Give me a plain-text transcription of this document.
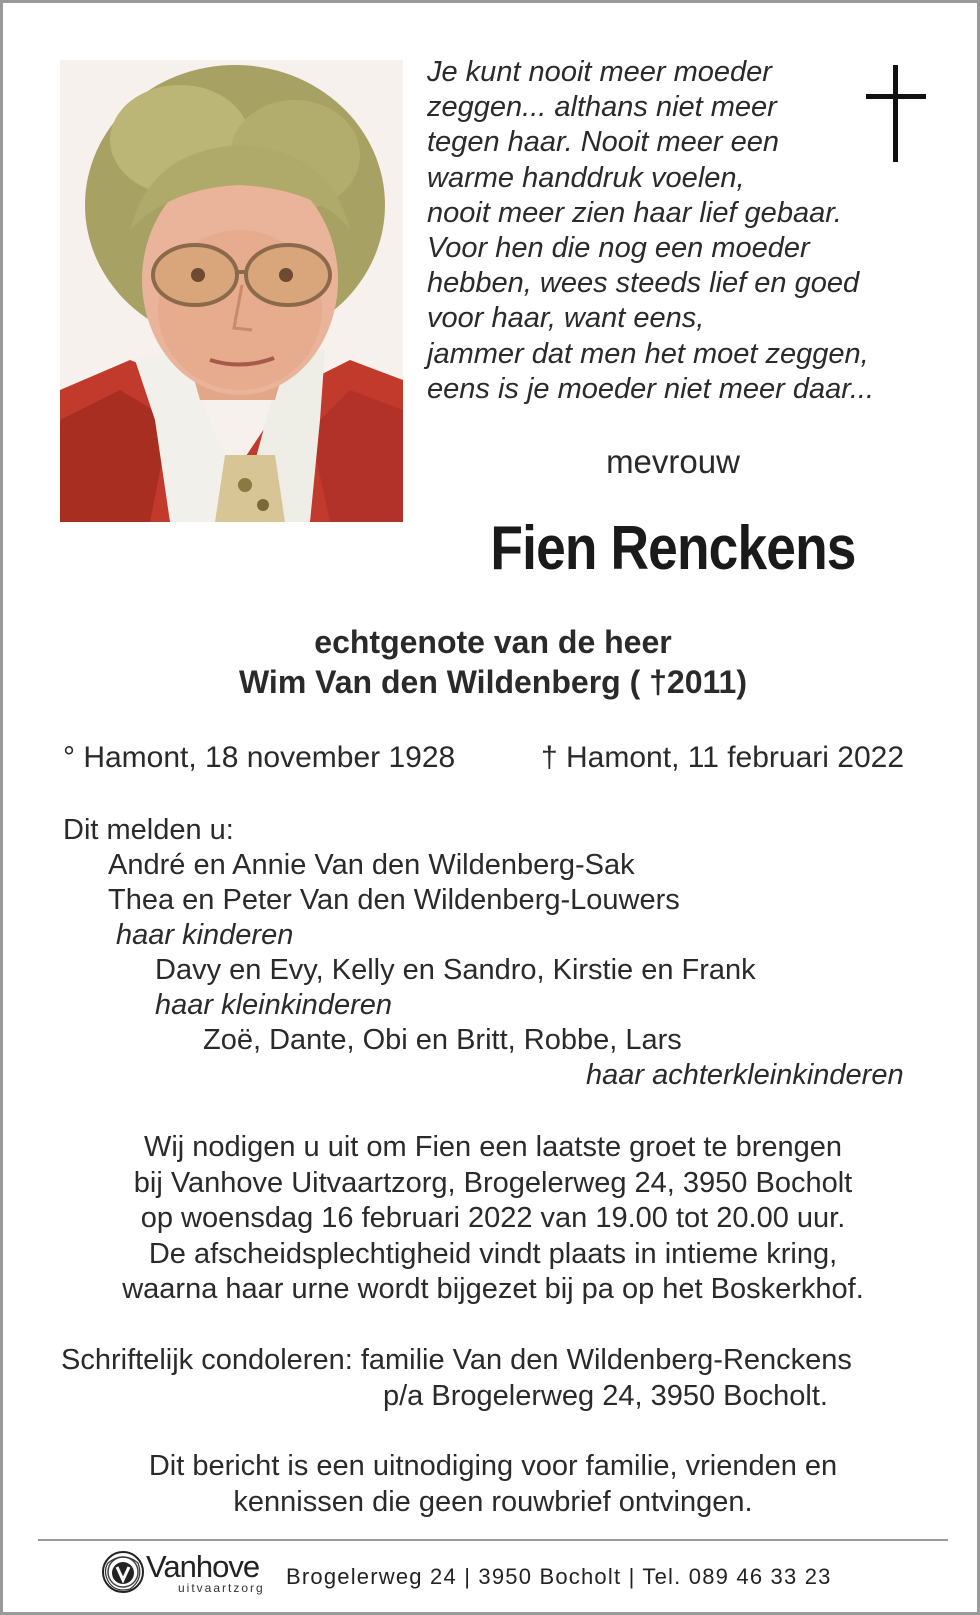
Je kunt nooit meer moeder
zeggen... althans niet meer
tegen haar. Nooit meer een
warme handdruk voelen,
nooit meer zien haar lief gebaar.
Voor hen die nog een moeder
hebben, wees steeds lief en goed
voor haar, want eens,
jammer dat men het moet zeggen,
eens is je moeder niet meer daar...
mevrouw
Fien Renckens
echtgenote van de heer
Wim Van den Wildenberg ( †2011)
° Hamont, 18 november 1928	† Hamont, 11 februari 2022
Dit melden u:
André en Annie Van den Wildenberg-Sak
Thea en Peter Van den Wildenberg-Louwers
haar kinderen
Davy en Evy, Kelly en Sandro, Kirstie en Frank
haar kleinkinderen
Zoë, Dante, Obi en Britt, Robbe, Lars
haar achterkleinkinderen
Wij nodigen u uit om Fien een laatste groet te brengen
bij Vanhove Uitvaartzorg, Brogelerweg 24, 3950 Bocholt
op woensdag 16 februari 2022 van 19.00 tot 20.00 uur.
De afscheidsplechtigheid vindt plaats in intieme kring,
waarna haar urne wordt bijgezet bij pa op het Boskerkhof.
Schriftelijk condoleren: familie Van den Wildenberg-Renckens
p/a Brogelerweg 24, 3950 Bocholt.
Dit bericht is een uitnodiging voor familie, vrienden en
kennissen die geen rouwbrief ontvingen.
Vanhove
uitvaartzorg Brogelerweg 24 | 3950 Bocholt | Tel. 089 46 33 23
